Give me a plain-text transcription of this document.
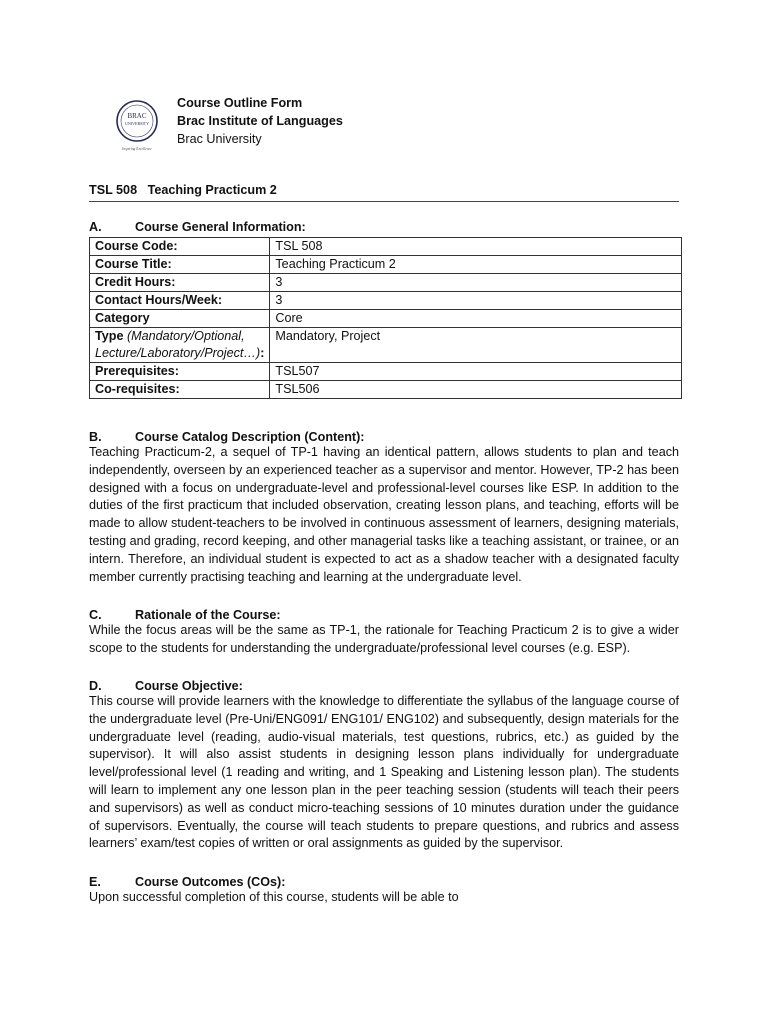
BRAC
UNIVERSITY
Inspiring Excellence
Course Outline Form
Brac Institute of Languages
Brac University
TSL 508   Teaching Practicum 2
A.	Course General Information:
Course Code:	TSL 508
Course Title:	Teaching Practicum 2
Credit Hours:	3
Contact Hours/Week:	3
Category	Core
Type (Mandatory/Optional, Lecture/Laboratory/Project…):	Mandatory, Project
Prerequisites:	TSL507
Co-requisites:	TSL506
B.	Course Catalog Description (Content):
Teaching Practicum-2, a sequel of TP-1 having an identical pattern, allows students to plan and teach independently, overseen by an experienced teacher as a supervisor and mentor. However, TP-2 has been designed with a focus on undergraduate-level and professional-level courses like ESP. In addition to the duties of the first practicum that included observation, creating lesson plans, and teaching, efforts will be made to allow student-teachers to be involved in continuous assessment of learners, designing materials, testing and grading, record keeping, and other managerial tasks like a teaching assistant, or trainee, or an intern. Therefore, an individual student is expected to act as a shadow teacher with a designated faculty member currently practising teaching and learning at the undergraduate level.
C.	Rationale of the Course:
While the focus areas will be the same as TP-1, the rationale for Teaching Practicum 2 is to give a wider scope to the students for understanding the undergraduate/professional level courses (e.g. ESP).
D.	Course Objective:
This course will provide learners with the knowledge to differentiate the syllabus of the language course of the undergraduate level (Pre-Uni/ENG091/ ENG101/ ENG102) and subsequently, design materials for the undergraduate level (reading, audio-visual materials, test questions, rubrics, etc.) as guided by the supervisor). It will also assist students in designing lesson plans individually for undergraduate level/professional level (1 reading and writing, and 1 Speaking and Listening lesson plan). The students will learn to implement any one lesson plan in the peer teaching session (students will teach their peers and supervisors) as well as conduct micro-teaching sessions of 10 minutes duration under the guidance of supervisors. Eventually, the course will teach students to prepare questions, and rubrics and assess learners’ exam/test copies of written or oral assignments as guided by the supervisor.
E.	Course Outcomes (COs):
Upon successful completion of this course, students will be able to
